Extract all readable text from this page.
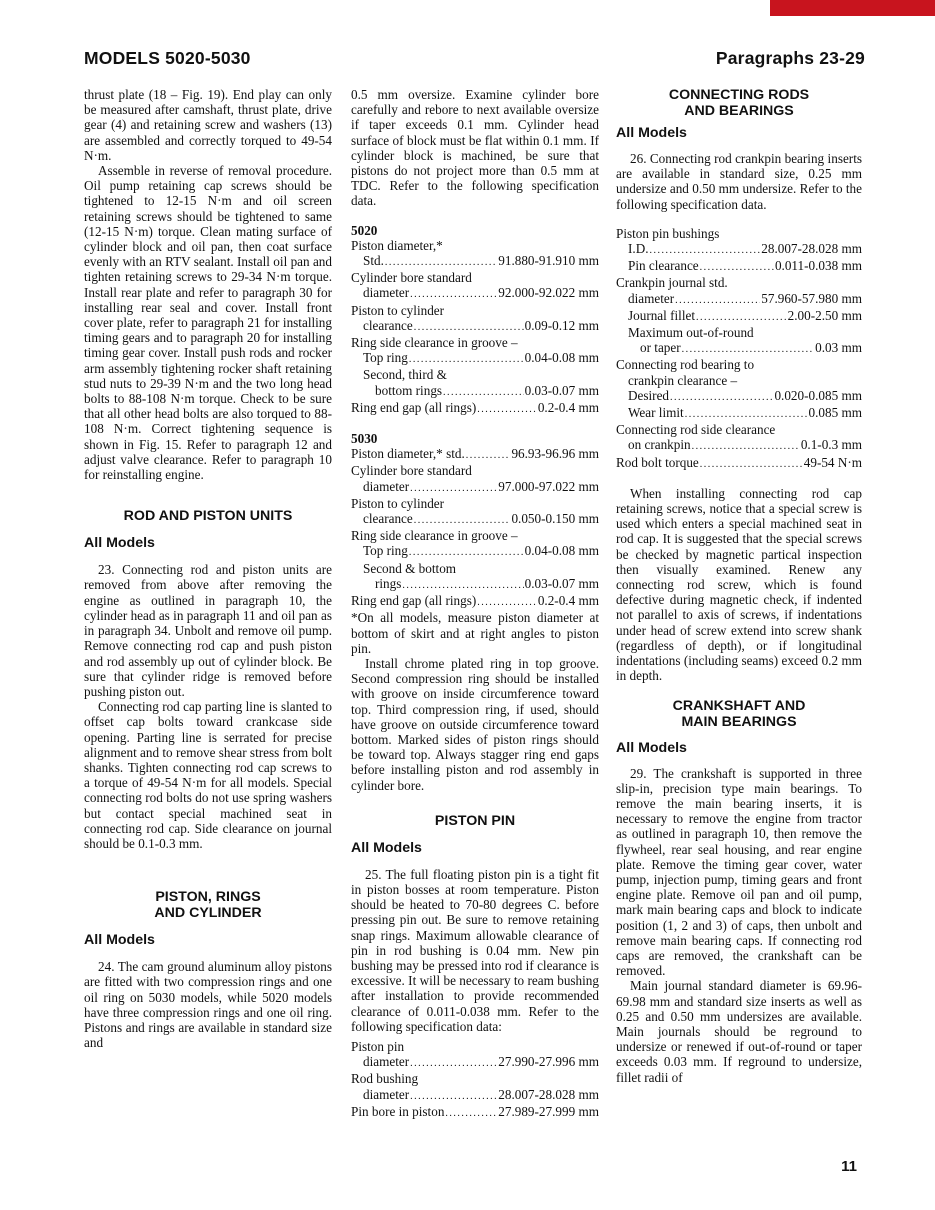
MODELS 5020-5030	Paragraphs 23-29

thrust plate (18 – Fig. 19). End play can only be measured after camshaft, thrust plate, drive gear (4) and retaining screw and washers (13) are assembled and correctly torqued to 49-54 N·m.

Assemble in reverse of removal procedure. Oil pump retaining cap screws should be tightened to 12-15 N·m and oil screen retaining screws should be tightened to same (12-15 N·m) torque. Clean mating surface of cylinder block and oil pan, then coat surface evenly with an RTV sealant. Install oil pan and tighten retaining screws to 29-34 N·m torque. Install rear plate and refer to paragraph 30 for installing rear seal and cover. Install front cover plate, refer to paragraph 21 for installing timing gears and to paragraph 20 for installing timing gear cover. Install push rods and rocker arm assembly tightening rocker shaft retaining stud nuts to 29-39 N·m and the two long head bolts to 88-108 N·m torque. Check to be sure that all other head bolts are also torqued to 88-108 N·m. Correct tightening sequence is shown in Fig. 15. Refer to paragraph 12 and adjust valve clearance. Refer to paragraph 10 for reinstalling engine.

ROD AND PISTON UNITS

All Models

23. Connecting rod and piston units are removed from above after removing the engine as outlined in paragraph 10, the cylinder head as in paragraph 11 and oil pan as in paragraph 34. Unbolt and remove oil pump. Remove connecting rod cap and push piston and rod assembly up out of cylinder block. Be sure that cylinder ridge is removed before pushing piston out.

Connecting rod cap parting line is slanted to offset cap bolts toward crankcase side opening. Parting line is serrated for precise alignment and to remove shear stress from bolt shanks. Tighten connecting rod cap screws to a torque of 49-54 N·m for all models. Special connecting rod bolts do not use spring washers but contact special machined seat in connecting rod cap. Side clearance on journal should be 0.1-0.3 mm.

PISTON, RINGS

AND CYLINDER

All Models

24. The cam ground aluminum alloy pistons are fitted with two compression rings and one oil ring on 5030 models, while 5020 models have three compression rings and one oil ring. Pistons and rings are available in standard size and

0.5 mm oversize. Examine cylinder bore carefully and rebore to next available oversize if taper exceeds 0.1 mm. Cylinder head surface of block must be flat within 0.1 mm. If cylinder block is machined, be sure that pistons do not project more than 0.5 mm at TDC. Refer to the following specification data.

5020

Piston diameter,*

Std. . . .	91.880-91.910 mm

Cylinder bore standard

diameter . . .	92.000-92.022 mm

Piston to cylinder

clearance . . .	0.09-0.12 mm

Ring side clearance in groove –

Top ring . . .	0.04-0.08 mm

Second, third &

bottom rings . . .	0.03-0.07 mm
Ring end gap (all rings) . . .	0.2-0.4 mm

5030

Piston diameter,* std. . . .	96.93-96.96 mm

Cylinder bore standard

diameter . . .	97.000-97.022 mm

Piston to cylinder

clearance . . .	0.050-0.150 mm

Ring side clearance in groove –

Top ring . . .	0.04-0.08 mm

Second & bottom

rings . . .	0.03-0.07 mm
Ring end gap (all rings) . . .	0.2-0.4 mm

*On all models, measure piston diameter at bottom of skirt and at right angles to piston pin.

Install chrome plated ring in top groove. Second compression ring should be installed with groove on inside circumference toward top. Third compression ring, if used, should have groove on outside circumference toward bottom. Marked sides of piston rings should be toward top. Always stagger ring end gaps before installing piston and rod assembly in cylinder bore.

PISTON PIN

All Models

25. The full floating piston pin is a tight fit in piston bosses at room temperature. Piston should be heated to 70-80 degrees C. before pressing pin out. Be sure to remove retaining snap rings. Maximum allowable clearance of pin in rod bushing is 0.04 mm. New pin bushing may be pressed into rod if clearance is excessive. It will be necessary to ream bushing after installation to provide recommended clearance of 0.011-0.038 mm. Refer to the following specification data:

Piston pin

diameter . . .	27.990-27.996 mm

Rod bushing

diameter . . .	28.007-28.028 mm
Pin bore in piston . . .	27.989-27.999 mm

CONNECTING RODS

AND BEARINGS

All Models

26. Connecting rod crankpin bearing inserts are available in standard size, 0.25 mm undersize and 0.50 mm undersize. Refer to the following specification data.

Piston pin bushings

I.D. . . .	28.007-28.028 mm
Pin clearance . . .	0.011-0.038 mm

Crankpin journal std.

diameter . . .	57.960-57.980 mm
Journal fillet . . .	2.00-2.50 mm

Maximum out-of-round

or taper . . .	0.03 mm

Connecting rod bearing to

crankpin clearance –

Desired . . .	0.020-0.085 mm
Wear limit . . .	0.085 mm

Connecting rod side clearance

on crankpin . . .	0.1-0.3 mm
Rod bolt torque . . .	49-54 N·m

When installing connecting rod cap retaining screws, notice that a special screw is used which enters a special machined seat in rod cap. It is suggested that the special screws be checked by magnetic partical inspection then visually examined. Renew any connecting rod screw, which is found defective during magnetic check, if indented not parallel to axis of screws, if indentations under head of screw extend into screw shank (regardless of depth), or if longitudinal indentations (including seams) exceed 0.2 mm in depth.

CRANKSHAFT AND

MAIN BEARINGS

All Models

29. The crankshaft is supported in three slip-in, precision type main bearings. To remove the main bearing inserts, it is necessary to remove the engine from tractor as outlined in paragraph 10, then remove the flywheel, rear seal housing, and rear engine plate. Remove the timing gear cover, water pump, injection pump, timing gears and front engine plate. Remove oil pan and oil pump, mark main bearing caps and block to indicate position (1, 2 and 3) of caps, then unbolt and remove main bearing caps. If connecting rod caps are removed, the crankshaft can be removed.

Main journal standard diameter is 69.96-69.98 mm and standard size inserts as well as 0.25 and 0.50 mm undersizes are available. Main journals should be reground to undersize or renewed if out-of-round or taper exceeds 0.03 mm. If reground to undersize, fillet radii of

11
